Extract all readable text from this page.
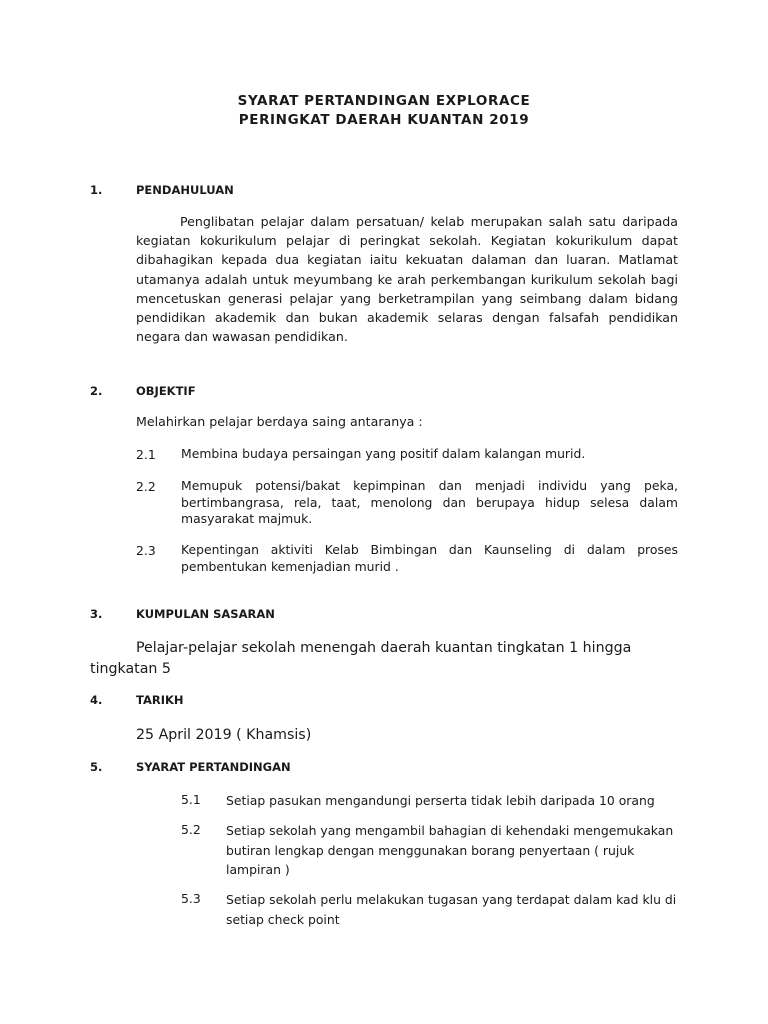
SYARAT PERTANDINGAN EXPLORACE
PERINGKAT DAERAH KUANTAN 2019
1.	PENDAHULUAN
Penglibatan pelajar dalam persatuan/ kelab merupakan salah satu daripada kegiatan kokurikulum pelajar di peringkat sekolah. Kegiatan kokurikulum dapat dibahagikan kepada dua kegiatan iaitu kekuatan dalaman dan luaran. Matlamat utamanya adalah untuk meyumbang ke arah perkembangan kurikulum sekolah bagi mencetuskan generasi pelajar yang berketrampilan yang seimbang dalam bidang pendidikan akademik dan bukan akademik selaras dengan falsafah pendidikan negara dan wawasan pendidikan.
2.	OBJEKTIF
Melahirkan pelajar berdaya saing antaranya :
2.1 Membina budaya persaingan yang positif dalam kalangan murid.
2.2 Memupuk potensi/bakat kepimpinan dan menjadi individu yang peka, bertimbangrasa, rela, taat, menolong dan berupaya hidup selesa dalam masyarakat majmuk.
2.3 Kepentingan aktiviti Kelab Bimbingan dan Kaunseling di dalam proses pembentukan kemenjadian murid .
3.	KUMPULAN SASARAN
Pelajar-pelajar sekolah menengah daerah kuantan tingkatan 1 hingga
tingkatan 5
4.	TARIKH
25 April 2019 ( Khamsis)
5.	SYARAT PERTANDINGAN
5.1 Setiap pasukan mengandungi perserta tidak lebih daripada 10 orang
5.2 Setiap sekolah yang mengambil bahagian di kehendaki mengemukakan butiran lengkap dengan menggunakan borang penyertaan ( rujuk lampiran )
5.3 Setiap sekolah perlu melakukan tugasan yang terdapat dalam kad klu di setiap check point
